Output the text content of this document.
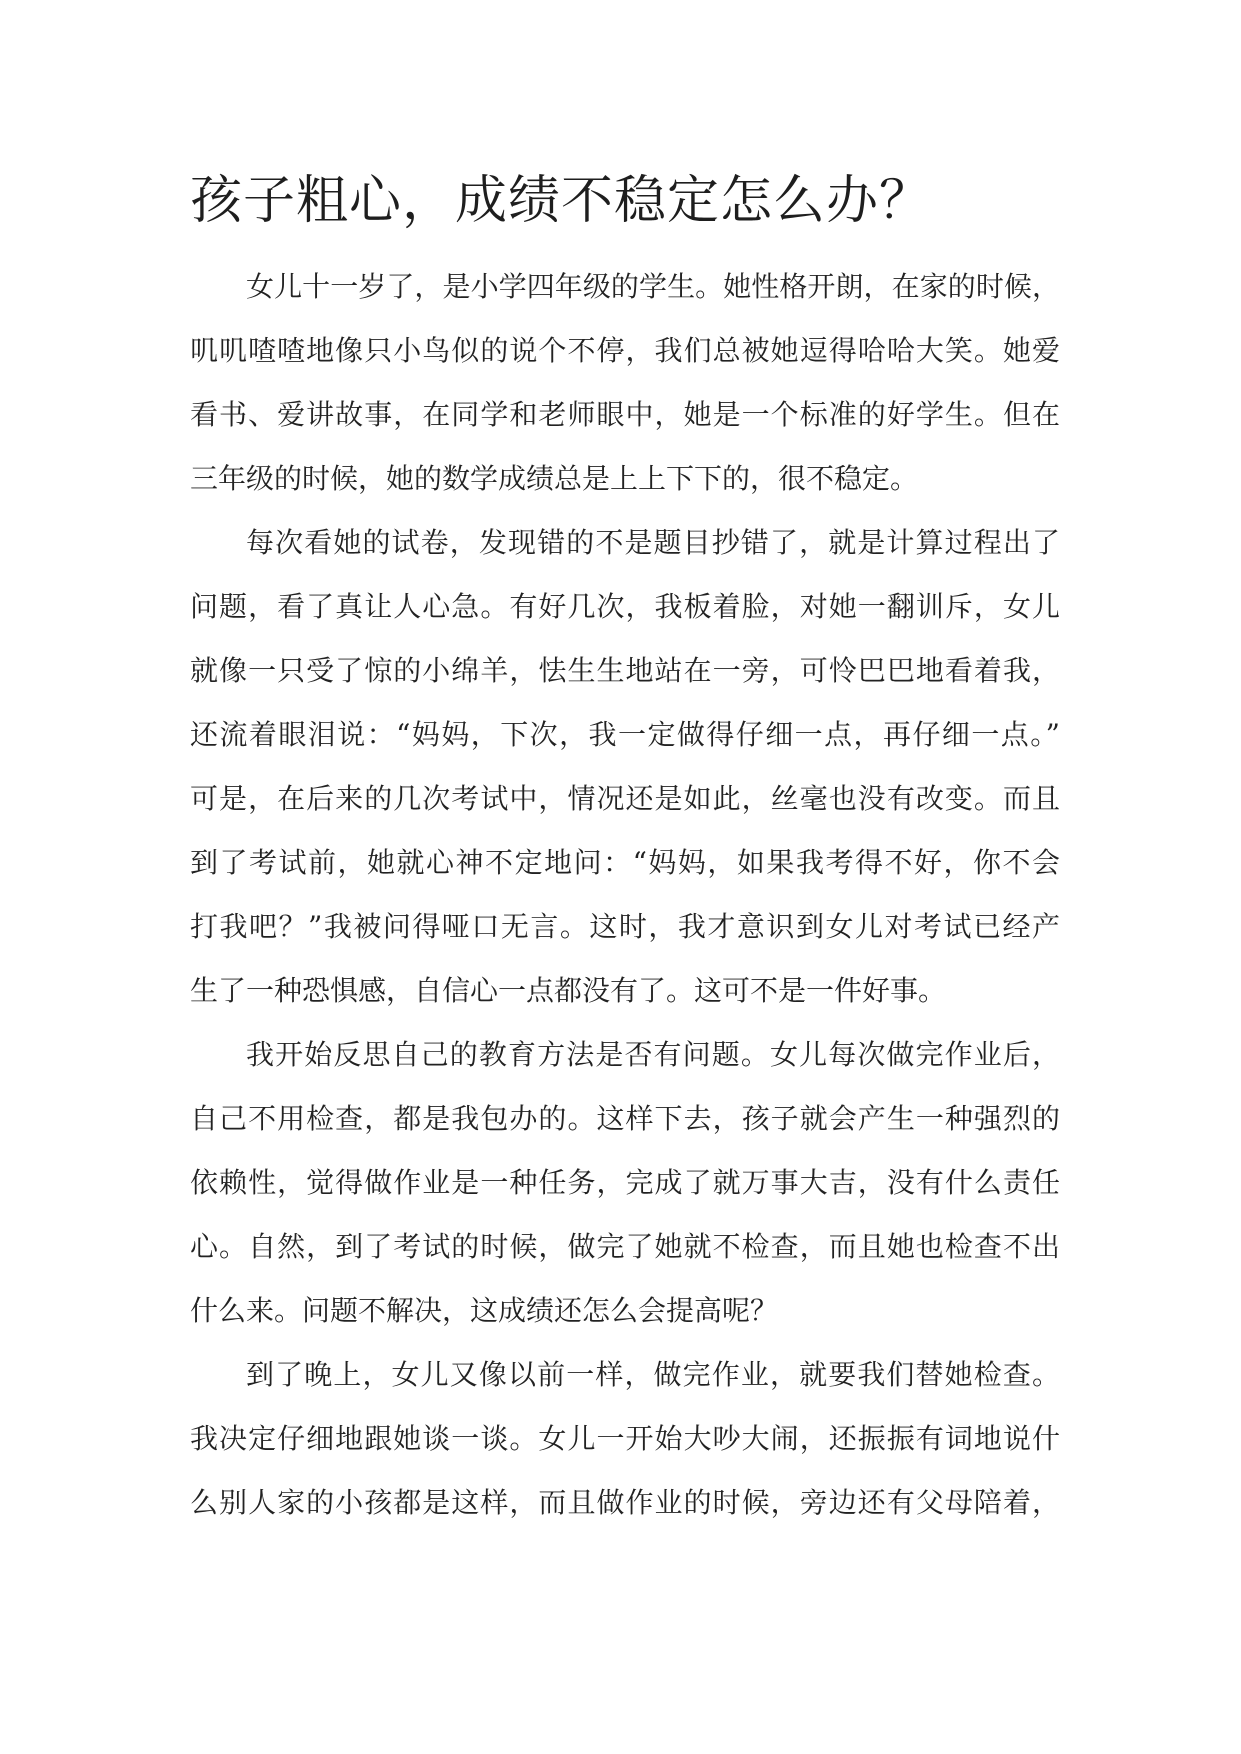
孩子粗心，成绩不稳定怎么办？
女儿十一岁了，是小学四年级的学生。她性格开朗，在家的时候，
叽叽喳喳地像只小鸟似的说个不停，我们总被她逗得哈哈大笑。她爱
看书、爱讲故事，在同学和老师眼中，她是一个标准的好学生。但在
三年级的时候，她的数学成绩总是上上下下的，很不稳定。
每次看她的试卷，发现错的不是题目抄错了，就是计算过程出了
问题，看了真让人心急。有好几次，我板着脸，对她一翻训斥，女儿
就像一只受了惊的小绵羊，怯生生地站在一旁，可怜巴巴地看着我，
还流着眼泪说：“妈妈，下次，我一定做得仔细一点，再仔细一点。”
可是，在后来的几次考试中，情况还是如此，丝毫也没有改变。而且
到了考试前，她就心神不定地问：“妈妈，如果我考得不好，你不会
打我吧？”我被问得哑口无言。这时，我才意识到女儿对考试已经产
生了一种恐惧感，自信心一点都没有了。这可不是一件好事。
我开始反思自己的教育方法是否有问题。女儿每次做完作业后，
自己不用检查，都是我包办的。这样下去，孩子就会产生一种强烈的
依赖性，觉得做作业是一种任务，完成了就万事大吉，没有什么责任
心。自然，到了考试的时候，做完了她就不检查，而且她也检查不出
什么来。问题不解决，这成绩还怎么会提高呢？
到了晚上，女儿又像以前一样，做完作业，就要我们替她检查。
我决定仔细地跟她谈一谈。女儿一开始大吵大闹，还振振有词地说什
么别人家的小孩都是这样，而且做作业的时候，旁边还有父母陪着，
